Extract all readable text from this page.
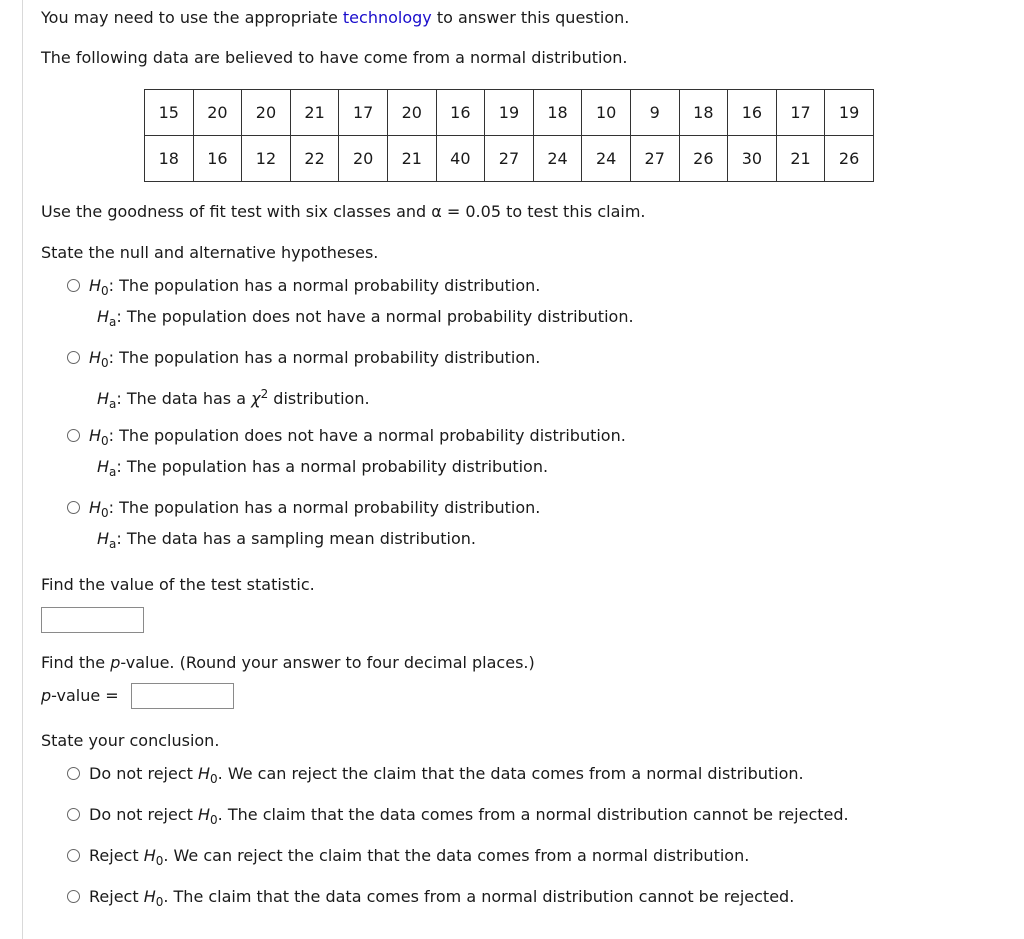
You may need to use the appropriate technology to answer this question.
The following data are believed to have come from a normal distribution.
15	20	20	21	17	20	16	19	18	10	9	18	16	17	19
18	16	12	22	20	21	40	27	24	24	27	26	30	21	26
Use the goodness of fit test with six classes and α = 0.05 to test this claim.
State the null and alternative hypotheses.
$H_0$: The population has a normal probability distribution.
$H_a$: The population does not have a normal probability distribution.
$H_0$: The population has a normal probability distribution.
$H_a$: The data has a $\chi^2$ distribution.
$H_0$: The population does not have a normal probability distribution.
$H_a$: The population has a normal probability distribution.
$H_0$: The population has a normal probability distribution.
$H_a$: The data has a sampling mean distribution.
Find the value of the test statistic.
Find the p-value. (Round your answer to four decimal places.)
p-value =
State your conclusion.
Do not reject $H_0$. We can reject the claim that the data comes from a normal distribution.
Do not reject $H_0$. The claim that the data comes from a normal distribution cannot be rejected.
Reject $H_0$. We can reject the claim that the data comes from a normal distribution.
Reject $H_0$. The claim that the data comes from a normal distribution cannot be rejected.
